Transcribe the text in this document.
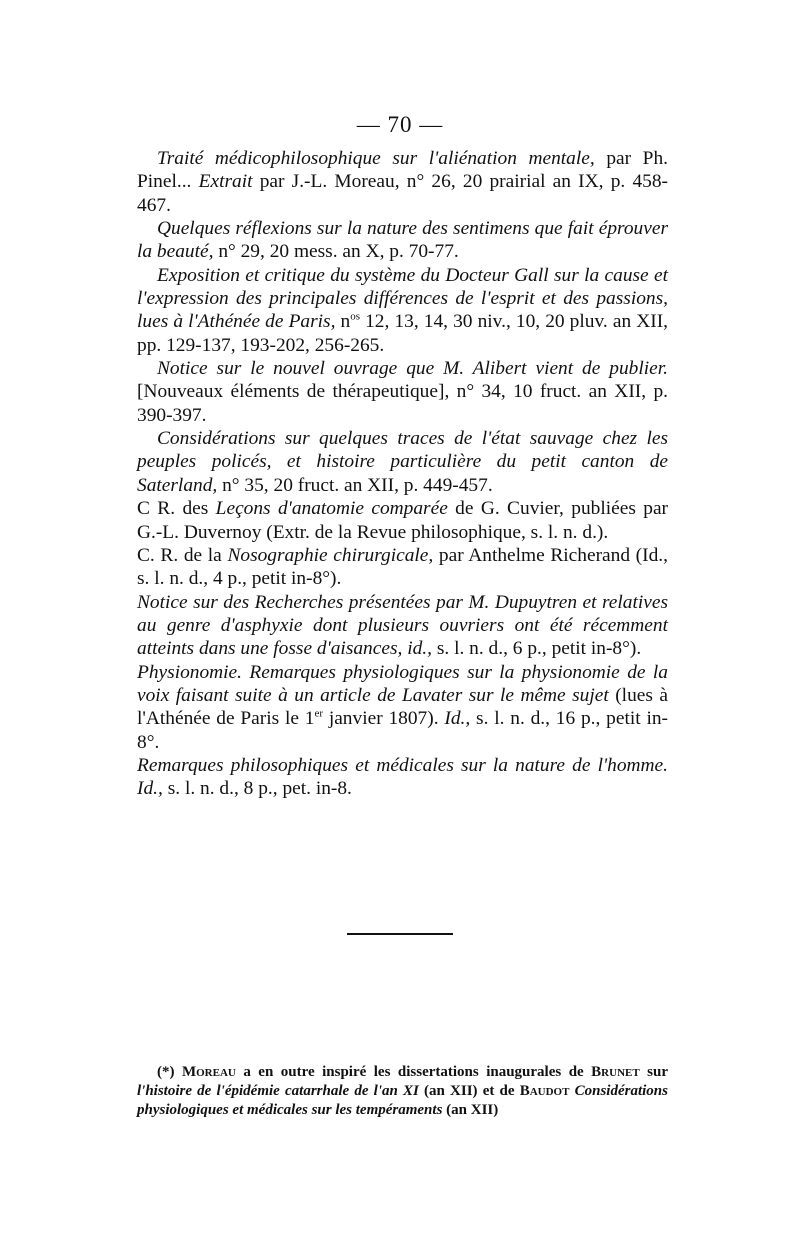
— 70 —

Traité médicophilosophique sur l'aliénation mentale, par Ph. Pinel... Extrait par J.-L. Moreau, n° 26, 20 prairial an IX, p. 458-467.

Quelques réflexions sur la nature des sentimens que fait éprouver la beauté, n° 29, 20 mess. an X, p. 70-77.

Exposition et critique du système du Docteur Gall sur la cause et l'expression des principales différences de l'esprit et des passions, lues à l'Athénée de Paris, $n^{os}$ 12, 13, 14, 30 niv., 10, 20 pluv. an XII, pp. 129-137, 193-202, 256-265.

Notice sur le nouvel ouvrage que M. Alibert vient de publier. [Nouveaux éléments de thérapeutique], n° 34, 10 fruct. an XII, p. 390-397.

Considérations sur quelques traces de l'état sauvage chez les peuples policés, et histoire particulière du petit canton de Saterland, n° 35, 20 fruct. an XII, p. 449-457.

C R. des Leçons d'anatomie comparée de G. Cuvier, publiées par G.-L. Duvernoy (Extr. de la Revue philosophique, s. l. n. d.).

C. R. de la Nosographie chirurgicale, par Anthelme Richerand (Id., s. l. n. d., 4 p., petit in-8°).

Notice sur des Recherches présentées par M. Dupuytren et relatives au genre d'asphyxie dont plusieurs ouvriers ont été récemment atteints dans une fosse d'aisances, id., s. l. n. d., 6 p., petit in-8°).

Physionomie. Remarques physiologiques sur la physionomie de la voix faisant suite à un article de Lavater sur le même sujet (lues à l'Athénée de Paris le 1er janvier 1807). Id., s. l. n. d., 16 p., petit in-8°.

Remarques philosophiques et médicales sur la nature de l'homme. Id., s. l. n. d., 8 p., pet. in-8.

(*) Moreau a en outre inspiré les dissertations inaugurales de Brunet sur l'histoire de l'épidémie catarrhale de l'an XI (an XII) et de Baudot Considérations physiologiques et médicales sur les tempéraments (an XII)
